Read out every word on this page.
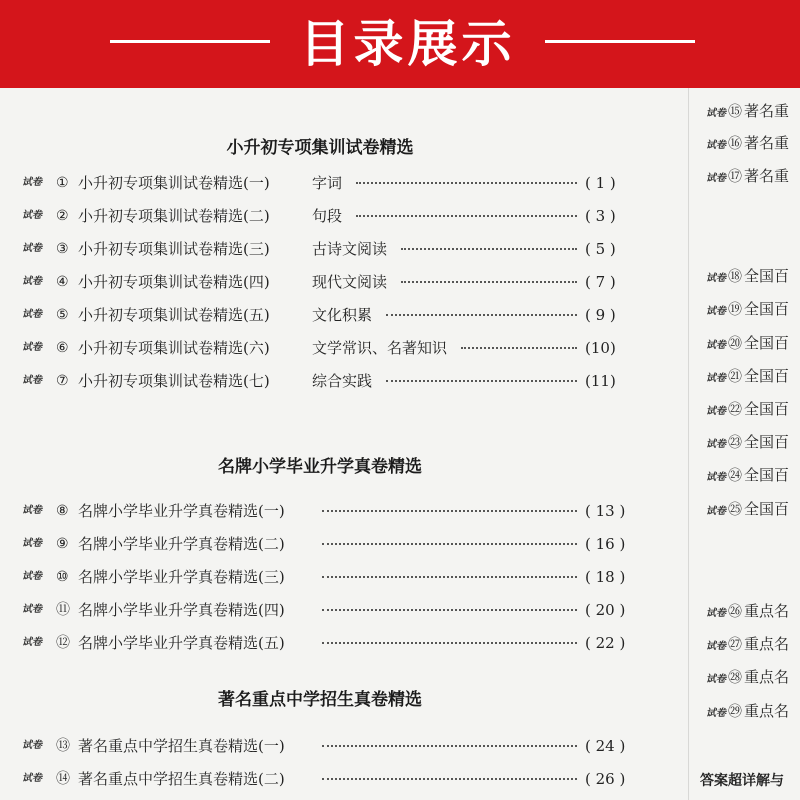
目录展示
小升初专项集训试卷精选
试卷 ① 小升初专项集训试卷精选(一)	字词	( 1 )
试卷 ② 小升初专项集训试卷精选(二)	句段	( 3 )
试卷 ③ 小升初专项集训试卷精选(三)	古诗文阅读	( 5 )
试卷 ④ 小升初专项集训试卷精选(四)	现代文阅读	( 7 )
试卷 ⑤ 小升初专项集训试卷精选(五)	文化积累	( 9 )
试卷 ⑥ 小升初专项集训试卷精选(六)	文学常识、名著知识	(10)
试卷 ⑦ 小升初专项集训试卷精选(七)	综合实践	(11)
名牌小学毕业升学真卷精选
试卷 ⑧ 名牌小学毕业升学真卷精选(一)	( 13 )
试卷 ⑨ 名牌小学毕业升学真卷精选(二)	( 16 )
试卷 ⑩ 名牌小学毕业升学真卷精选(三)	( 18 )
试卷 ⑪ 名牌小学毕业升学真卷精选(四)	( 20 )
试卷 ⑫ 名牌小学毕业升学真卷精选(五)	( 22 )
著名重点中学招生真卷精选
试卷 ⑬ 著名重点中学招生真卷精选(一)	( 24 )
试卷 ⑭ 著名重点中学招生真卷精选(二)	( 26 )
试卷 ⑮ 著名重
试卷 ⑯ 著名重
试卷 ⑰ 著名重
试卷 ⑱ 全国百
试卷 ⑲ 全国百
试卷 ⑳ 全国百
试卷 ㉑ 全国百
试卷 ㉒ 全国百
试卷 ㉓ 全国百
试卷 ㉔ 全国百
试卷 ㉕ 全国百
试卷 ㉖ 重点名
试卷 ㉗ 重点名
试卷 ㉘ 重点名
试卷 ㉙ 重点名
答案超详解与
